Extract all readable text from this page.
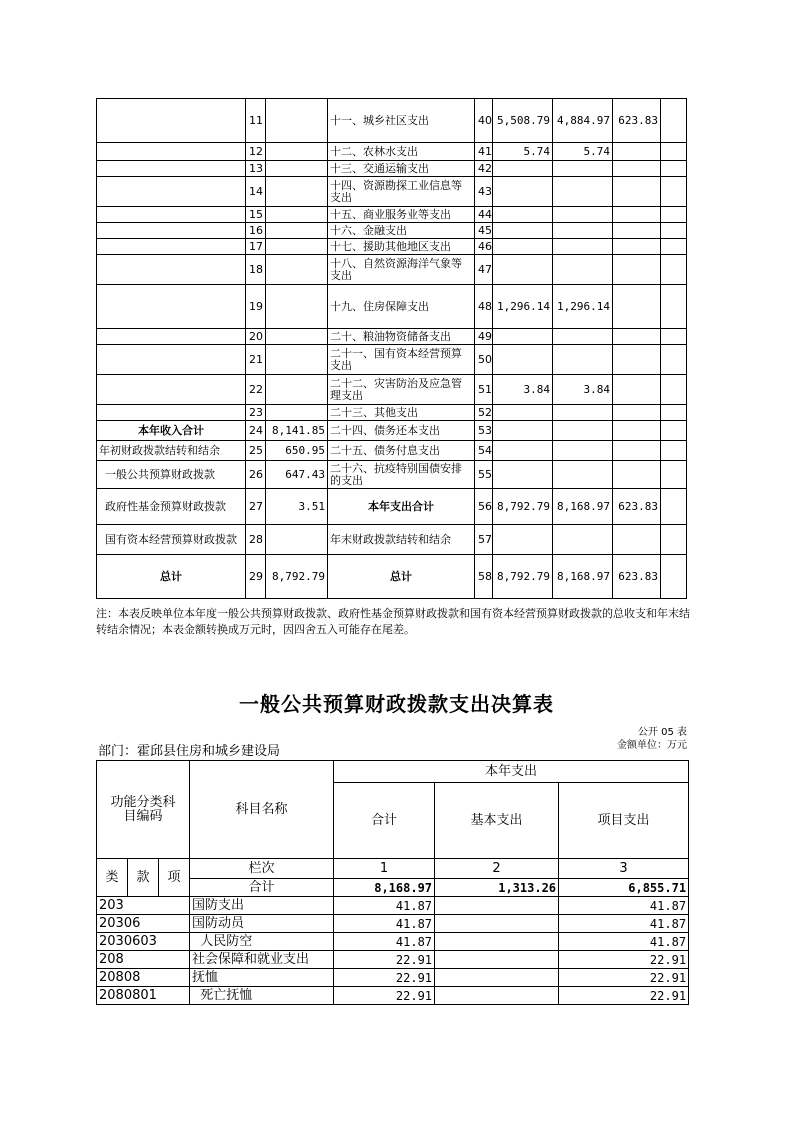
	11		十一、城乡社区支出	40	5,508.79	4,884.97	623.83	
	12		十二、农林水支出	41	5.74	5.74		
	13		十三、交通运输支出	42				
	14		十四、资源勘探工业信息等支出	43				
	15		十五、商业服务业等支出	44				
	16		十六、金融支出	45				
	17		十七、援助其他地区支出	46				
	18		十八、自然资源海洋气象等支出	47				
	19		十九、住房保障支出	48	1,296.14	1,296.14		
	20		二十、粮油物资储备支出	49				
	21		二十一、国有资本经营预算支出	50				
	22		二十二、灾害防治及应急管理支出	51	3.84	3.84		
	23		二十三、其他支出	52				
本年收入合计	24	8,141.85	二十四、债务还本支出	53				
年初财政拨款结转和结余	25	650.95	二十五、债务付息支出	54				
一般公共预算财政拨款	26	647.43	二十六、抗疫特别国债安排的支出	55				
政府性基金预算财政拨款	27	3.51	本年支出合计	56	8,792.79	8,168.97	623.83	
国有资本经营预算财政拨款	28		年末财政拨款结转和结余	57				
总计	29	8,792.79	总计	58	8,792.79	8,168.97	623.83	
注：本表反映单位本年度一般公共预算财政拨款、政府性基金预算财政拨款和国有资本经营预算财政拨款的总收支和年末结转结余情况；本表金额转换成万元时，因四舍五入可能存在尾差。
一般公共预算财政拨款支出决算表
公开 05 表
金额单位：万元
部门：霍邱县住房和城乡建设局
功能分类科目编码			科目名称	本年支出		
				合计	基本支出	项目支出
类	款	项	栏次	1	2	3
			合计	8,168.97	1,313.26	6,855.71
203			国防支出	41.87		41.87
20306			国防动员	41.87		41.87
2030603			人民防空	41.87		41.87
208			社会保障和就业支出	22.91		22.91
20808			抚恤	22.91		22.91
2080801			死亡抚恤	22.91		22.91
